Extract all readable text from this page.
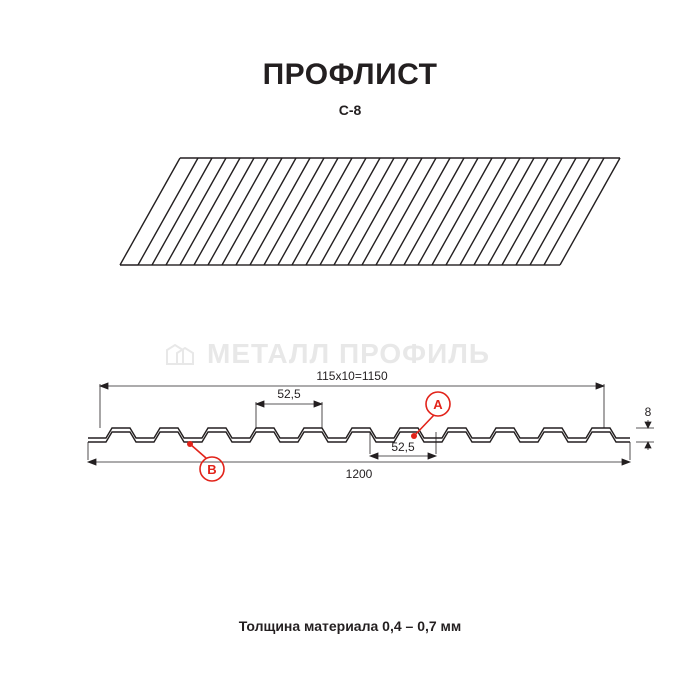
ПРОФЛИСТ
С-8
МЕТАЛЛ ПРОФИЛЬ
115х10=1150
52,5
52,5
1200
8
A
B
Толщина материала 0,4 – 0,7 мм
